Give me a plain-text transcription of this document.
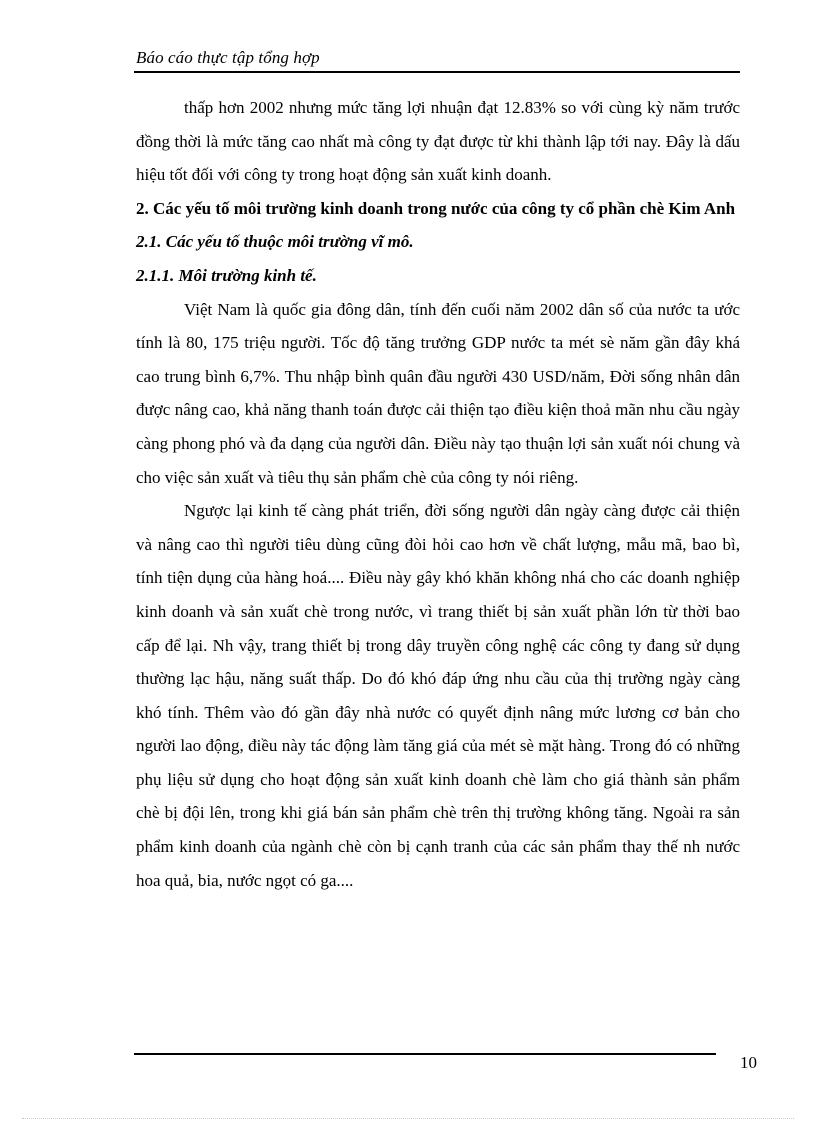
Báo cáo thực tập tổng hợp

thấp hơn 2002 nhưng mức tăng lợi nhuận đạt 12.83% so với cùng kỳ năm trước đồng thời là mức tăng cao nhất mà công ty đạt được từ khi thành lập tới nay. Đây là dấu hiệu tốt đối với công ty trong hoạt động sản xuất kinh doanh.

2. Các yếu tố môi trường kinh doanh trong nước của công ty cổ phần chè Kim Anh

2.1. Các yếu tố thuộc môi trường vĩ mô.

2.1.1. Môi trường kinh tế.

Việt Nam là quốc gia đông dân, tính đến cuối năm 2002 dân số của nước ta ước tính là 80, 175 triệu người. Tốc độ tăng trưởng GDP nước ta mét sè năm gần đây khá cao trung bình 6,7%. Thu nhập bình quân đầu người 430 USD/năm, Đời sống nhân dân được nâng cao, khả năng thanh toán được cải thiện tạo điều kiện thoả mãn nhu cầu ngày càng phong phó và đa dạng của người dân. Điều này tạo thuận lợi sản xuất nói chung và cho việc sản xuất và tiêu thụ sản phẩm chè của công ty nói riêng.

Ngược lại kinh tế càng phát triển, đời sống người dân ngày càng được cải thiện và nâng cao thì người tiêu dùng cũng đòi hỏi cao hơn về chất lượng, mẫu mã, bao bì, tính tiện dụng của hàng hoá.... Điều này gây khó khăn không nhá cho các doanh nghiệp kinh doanh và sản xuất chè trong nước, vì trang thiết bị sản xuất phần lớn từ thời bao cấp để lại. Nh vậy, trang thiết bị trong dây truyền công nghệ các công ty đang sử dụng thường lạc hậu, năng suất thấp. Do đó khó đáp ứng nhu cầu của thị trường ngày càng khó tính. Thêm vào đó gần đây nhà nước có quyết định nâng mức lương cơ bản cho người lao động, điều này tác động làm tăng giá của mét sè mặt hàng. Trong đó có những phụ liệu sử dụng cho hoạt động sản xuất kinh doanh chè làm cho giá thành sản phẩm chè bị đội lên, trong khi giá bán sản phẩm chè trên thị trường không tăng. Ngoài ra sản phẩm kinh doanh của ngành chè còn bị cạnh tranh của các sản phẩm thay thế nh nước hoa quả, bia, nước ngọt có ga....

10
